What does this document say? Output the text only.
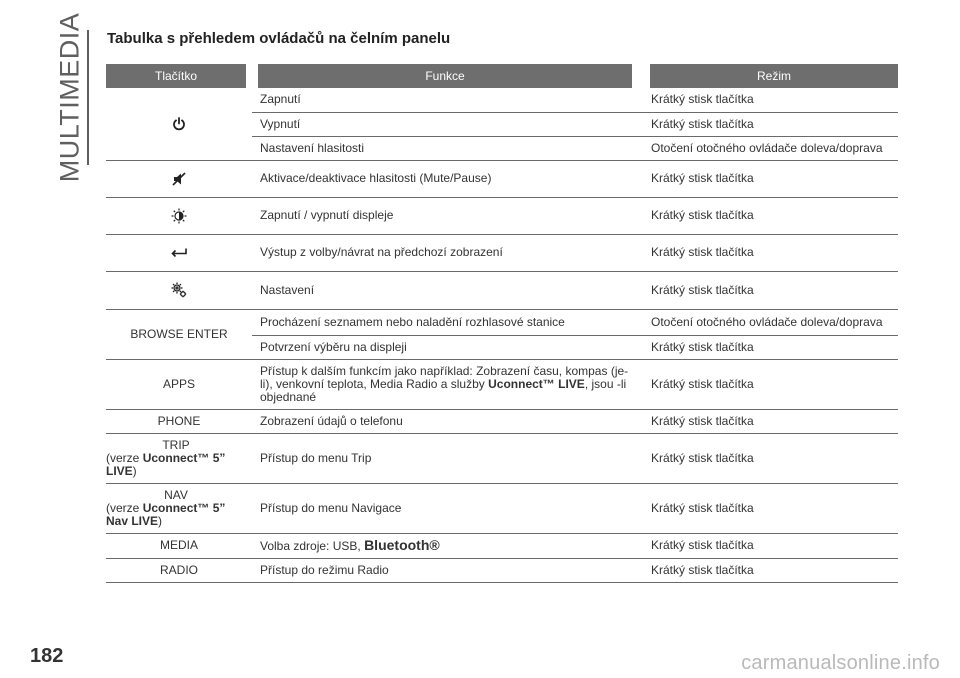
MULTIMEDIA Tabulka s přehledem ovládačů na čelním panelu
Tlačítko	Funkce	Režim

	Zapnutí	Krátký stisk tlačítka
	Vypnutí	Krátký stisk tlačítka
	Nastavení hlasitosti	Otočení otočného ovládače doleva/doprava

	Aktivace/deaktivace hlasitosti (Mute/Pause)	Krátký stisk tlačítka

	Zapnutí / vypnutí displeje	Krátký stisk tlačítka

	Výstup z volby/návrat na předchozí zobrazení	Krátký stisk tlačítka

	Nastavení	Krátký stisk tlačítka
BROWSE ENTER	Procházení seznamem nebo naladění rozhlasové stanice	Otočení otočného ovládače doleva/doprava
	Potvrzení výběru na displeji	Krátký stisk tlačítka
APPS	Přístup k dalším funkcím jako například: Zobrazení času, kompas (je-li), venkovní teplota, Media Radio a služby Uconnect™ LIVE, jsou -li objednané	Krátký stisk tlačítka
PHONE	Zobrazení údajů o telefonu	Krátký stisk tlačítka

TRIP
(verze Uconnect™ 5”
LIVE)	Přístup do menu Trip	Krátký stisk tlačítka

NAV
(verze Uconnect™ 5”
Nav LIVE)	Přístup do menu Navigace	Krátký stisk tlačítka
MEDIA	Volba zdroje: USB, Bluetooth®	Krátký stisk tlačítka
RADIO	Přístup do režimu Radio	Krátký stisk tlačítka
182	carmanualsonline.info
